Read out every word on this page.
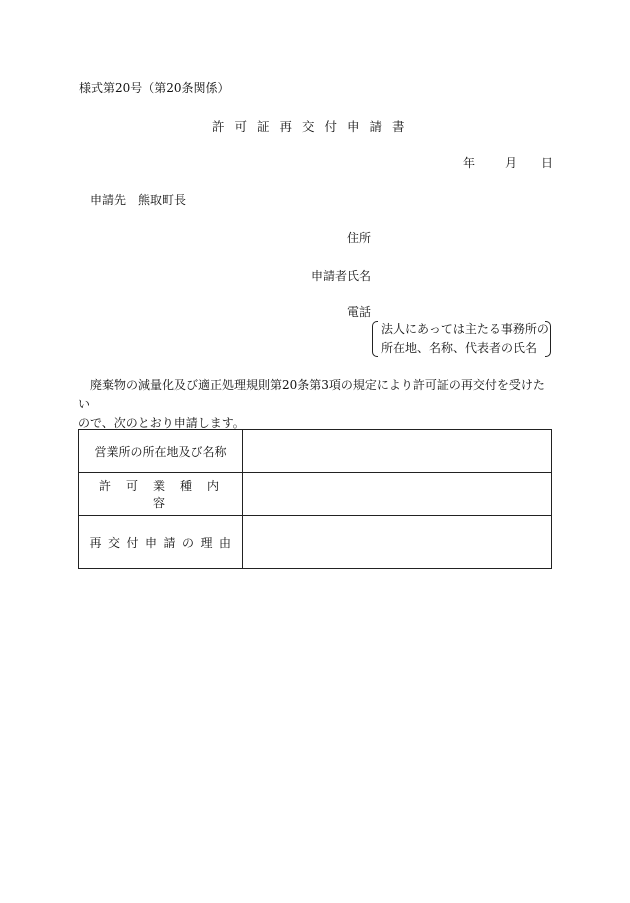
様式第20号（第20条関係）
許可証再交付申請書
年 月 日
申請先 熊取町長
住所
申請者氏名
電話
法人にあっては主たる事務所の
所在地、名称、代表者の氏名

廃棄物の減量化及び適正処理規則第20条第3項の規定により許可証の再交付を受けたい

ので、次のとおり申請します。

営業所の所在地及び名称	
許可業種内容	
再交付申請の理由	
